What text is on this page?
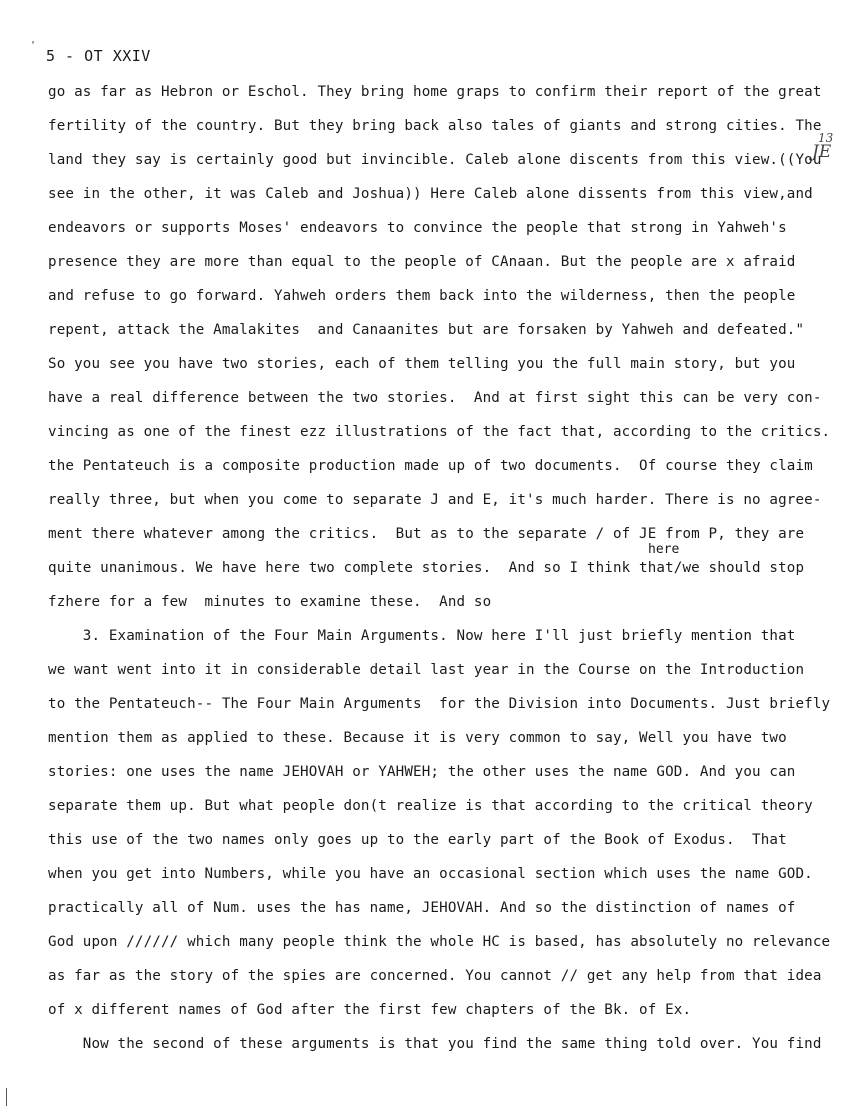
'
5 - OT XXIV
13
JE
here
go as far as Hebron or Eschol. They bring home graps to confirm their report of the great
fertility of the country. But they bring back also tales of giants and strong cities. The
land they say is certainly good but invincible. Caleb alone discents from this view.((You
see in the other, it was Caleb and Joshua)) Here Caleb alone dissents from this view,and
endeavors or supports Moses' endeavors to convince the people that strong in Yahweh's
presence they are more than equal to the people of CAnaan. But the people are x afraid
and refuse to go forward. Yahweh orders them back into the wilderness, then the people
repent, attack the Amalakites  and Canaanites but are forsaken by Yahweh and defeated."
So you see you have two stories, each of them telling you the full main story, but you
have a real difference between the two stories.  And at first sight this can be very con-
vincing as one of the finest ezz illustrations of the fact that, according to the critics.
the Pentateuch is a composite production made up of two documents.  Of course they claim
really three, but when you come to separate J and E, it's much harder. There is no agree-
ment there whatever among the critics.  But as to the separate / of JE from P, they are
quite unanimous. We have here two complete stories.  And so I think that/we should stop
fzhere for a few  minutes to examine these.  And so
3. Examination of the Four Main Arguments. Now here I'll just briefly mention that
we want went into it in considerable detail last year in the Course on the Introduction
to the Pentateuch-- The Four Main Arguments  for the Division into Documents. Just briefly
mention them as applied to these. Because it is very common to say, Well you have two
stories: one uses the name JEHOVAH or YAHWEH; the other uses the name GOD. And you can
separate them up. But what people don(t realize is that according to the critical theory
this use of the two names only goes up to the early part of the Book of Exodus.  That
when you get into Numbers, while you have an occasional section which uses the name GOD.
practically all of Num. uses the has name, JEHOVAH. And so the distinction of names of
God upon ////// which many people think the whole HC is based, has absolutely no relevance
as far as the story of the spies are concerned. You cannot // get any help from that idea
of x different names of God after the first few chapters of the Bk. of Ex.
Now the second of these arguments is that you find the same thing told over. You find
